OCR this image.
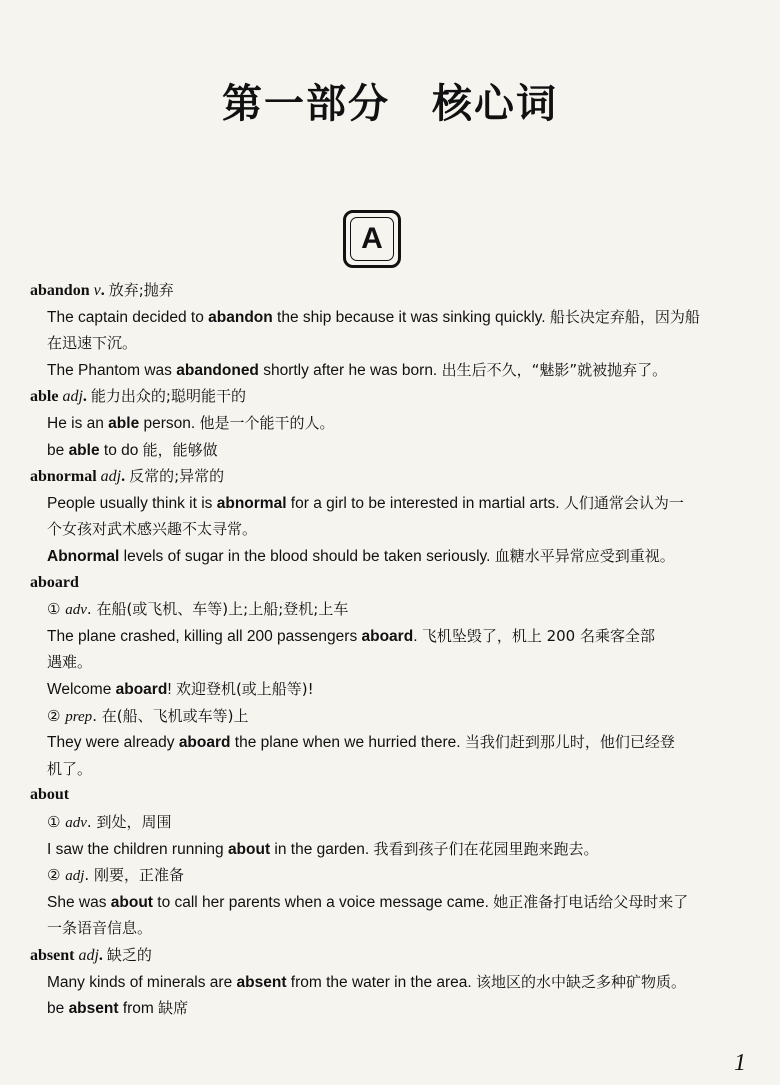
第一部分　核心词
A
abandon v. 放弃;抛弃
The captain decided to abandon the ship because it was sinking quickly. 船长决定弃船，因为船
在迅速下沉。
The Phantom was abandoned shortly after he was born. 出生后不久，“魅影”就被抛弃了。
able adj. 能力出众的;聪明能干的
He is an able person. 他是一个能干的人。
be able to do 能，能够做
abnormal adj. 反常的;异常的
People usually think it is abnormal for a girl to be interested in martial arts. 人们通常会认为一
个女孩对武术感兴趣不太寻常。
Abnormal levels of sugar in the blood should be taken seriously. 血糖水平异常应受到重视。
aboard
① adv. 在船(或飞机、车等)上;上船;登机;上车
The plane crashed, killing all 200 passengers aboard. 飞机坠毁了，机上 200 名乘客全部
遇难。
Welcome aboard! 欢迎登机(或上船等)!
② prep. 在(船、飞机或车等)上
They were already aboard the plane when we hurried there. 当我们赶到那儿时，他们已经登
机了。
about
① adv. 到处，周围
I saw the children running about in the garden. 我看到孩子们在花园里跑来跑去。
② adj. 刚要，正准备
She was about to call her parents when a voice message came. 她正准备打电话给父母时来了
一条语音信息。
absent adj. 缺乏的
Many kinds of minerals are absent from the water in the area. 该地区的水中缺乏多种矿物质。
be absent from 缺席
1
